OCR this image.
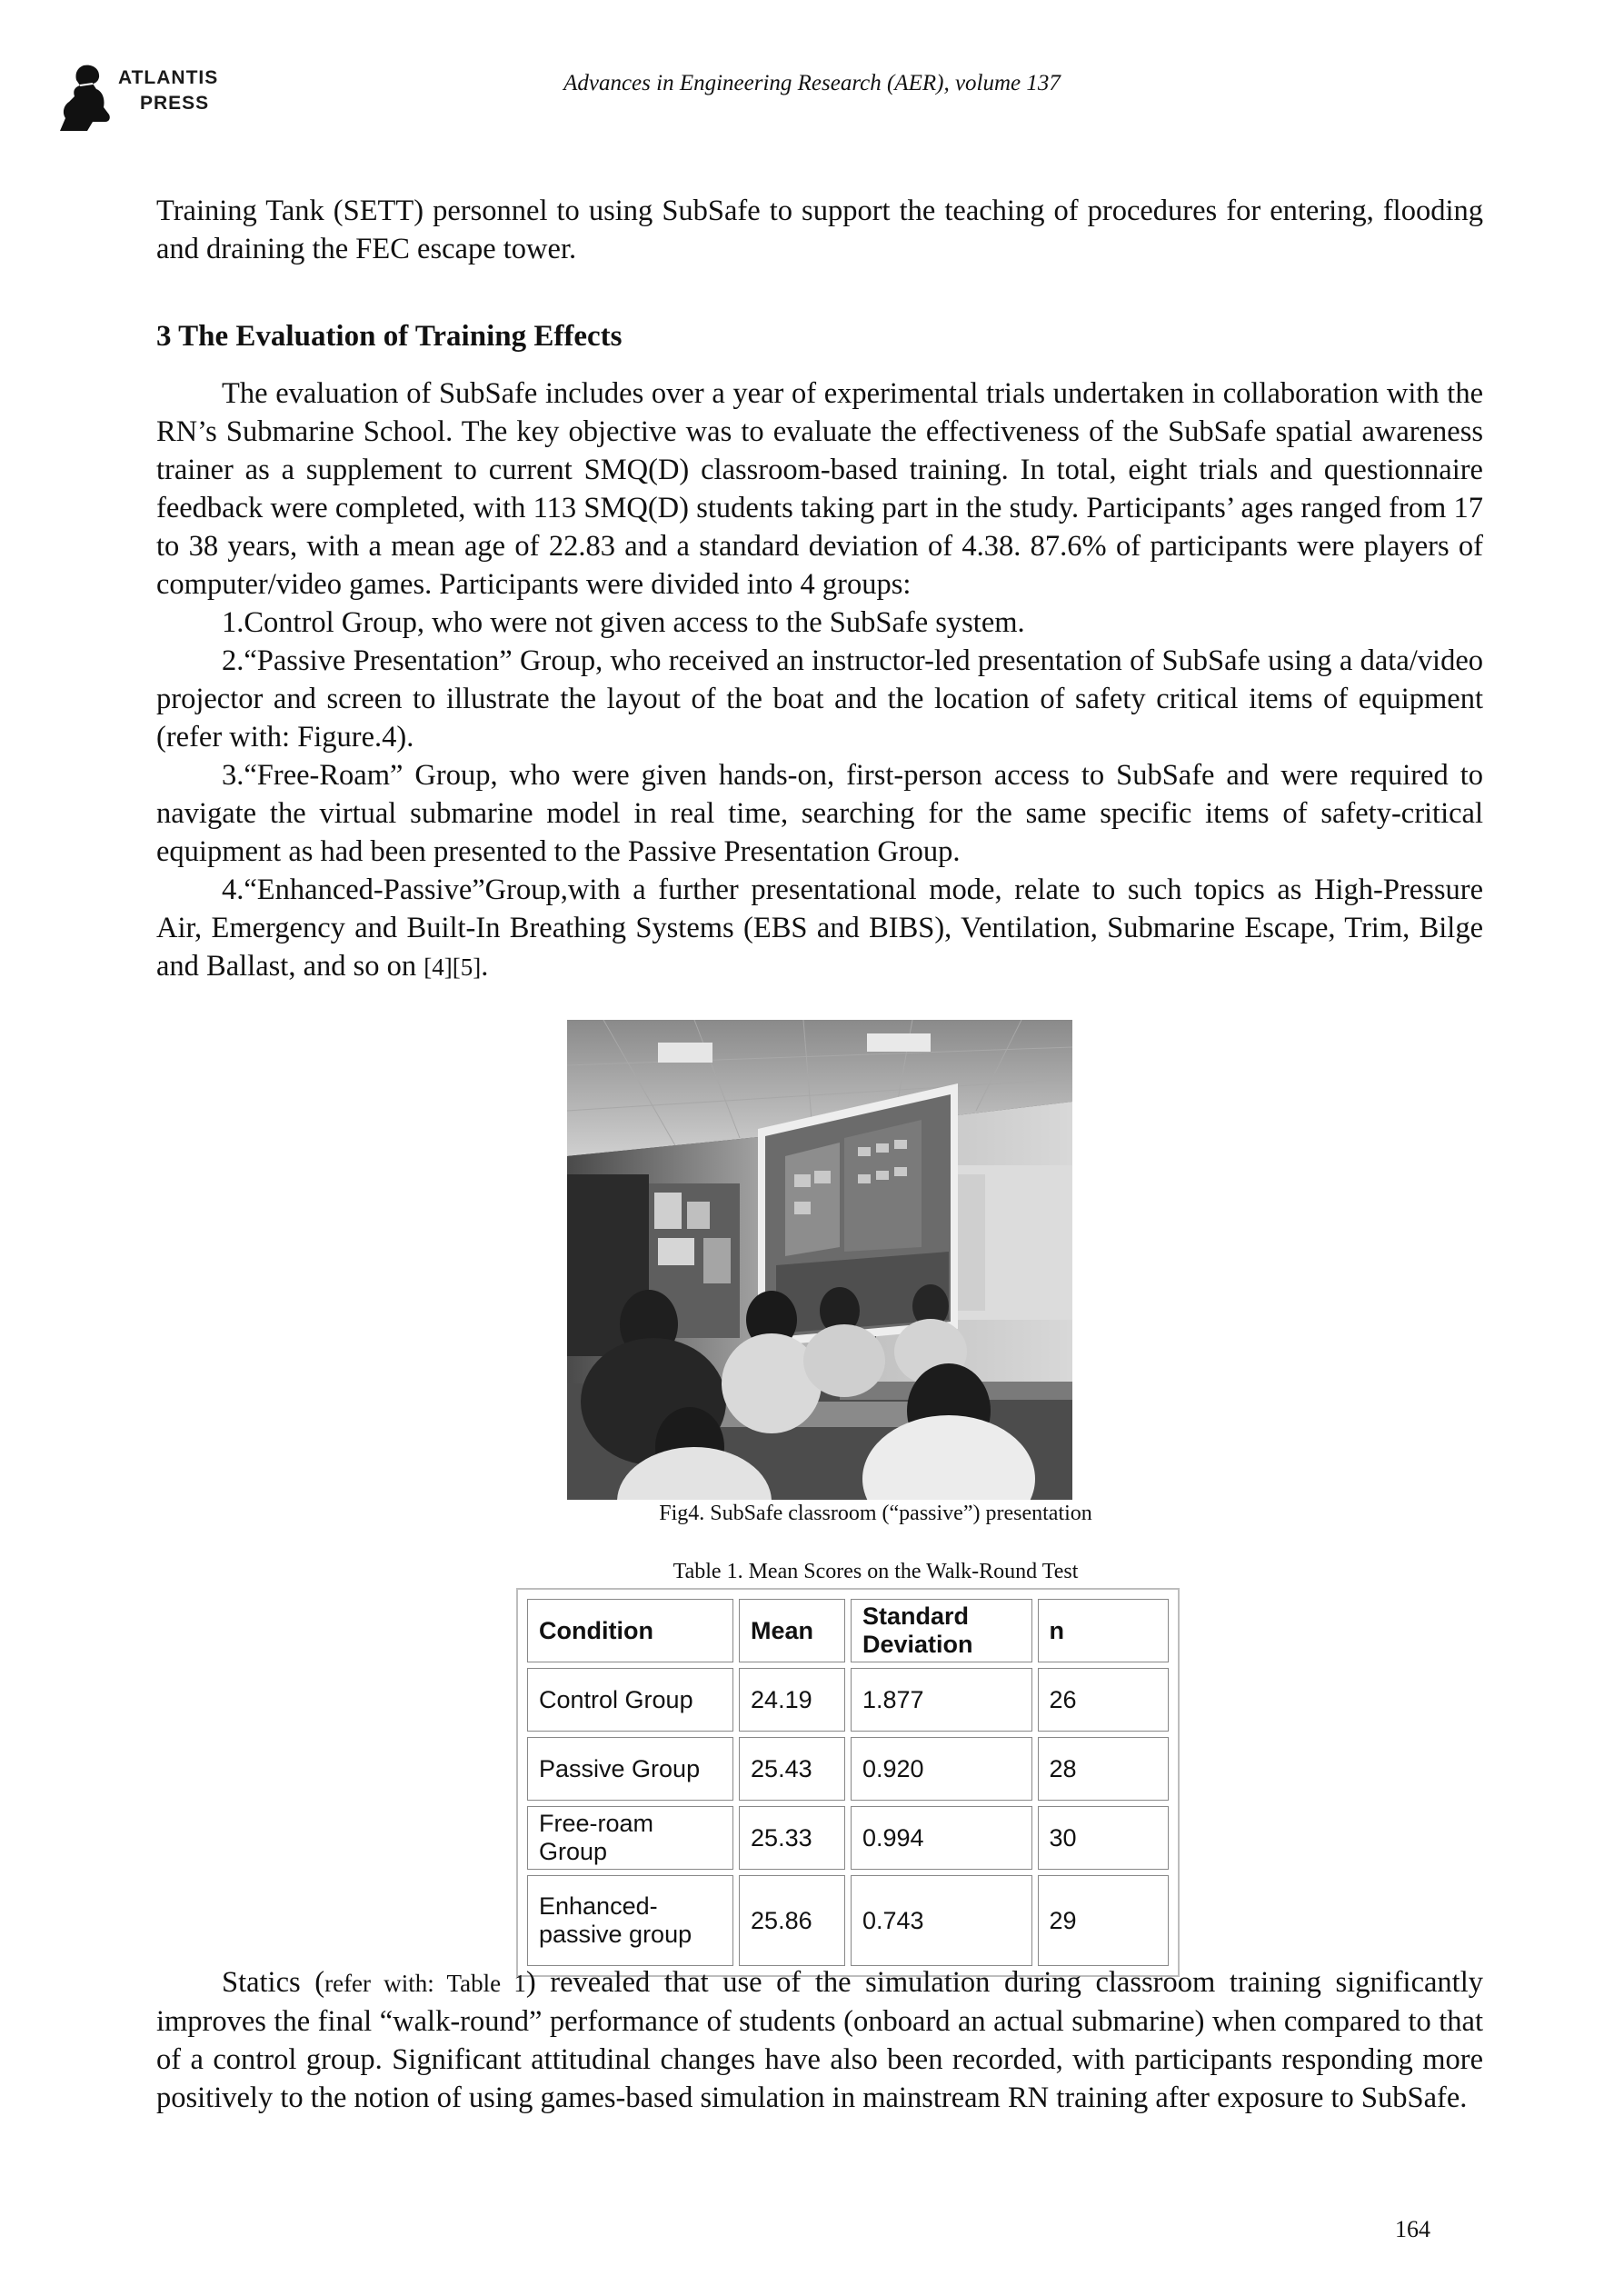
ATLANTIS
PRESS
Advances in Engineering Research (AER), volume 137

Training Tank (SETT) personnel to using SubSafe to support the teaching of procedures for entering, flooding and draining the FEC escape tower.

3 The Evaluation of Training Effects

The evaluation of SubSafe includes over a year of experimental trials undertaken in collaboration with the RN’s Submarine School. The key objective was to evaluate the effectiveness of the SubSafe spatial awareness trainer as a supplement to current SMQ(D) classroom-based training. In total, eight trials and questionnaire feedback were completed, with 113 SMQ(D) students taking part in the study. Participants’ ages ranged from 17 to 38 years, with a mean age of 22.83 and a standard deviation of 4.38. 87.6% of participants were players of computer/video games. Participants were divided into 4 groups:

1.Control Group, who were not given access to the SubSafe system.

2.“Passive Presentation” Group, who received an instructor-led presentation of SubSafe using a data/video projector and screen to illustrate the layout of the boat and the location of safety critical items of equipment (refer with: Figure.4).

3.“Free-Roam” Group, who were given hands-on, first-person access to SubSafe and were required to navigate the virtual submarine model in real time, searching for the same specific items of safety-critical equipment as had been presented to the Passive Presentation Group.

4.“Enhanced-Passive”Group,with a further presentational mode, relate to such topics as High-Pressure Air, Emergency and Built-In Breathing Systems (EBS and BIBS), Ventilation, Submarine Escape, Trim, Bilge and Ballast, and so on [4][5].

Fig4. SubSafe classroom (“passive”) presentation
Table 1. Mean Scores on the Walk-Round Test
Condition	Mean	Standard Deviation	n
Control Group	24.19	1.877	26
Passive Group	25.43	0.920	28
Free-roam Group	25.33	0.994	30
Enhanced-passive group	25.86	0.743	29

Statics (refer with: Table 1) revealed that use of the simulation during classroom training significantly improves the final “walk-round” performance of students (onboard an actual submarine) when compared to that of a control group. Significant attitudinal changes have also been recorded, with participants responding more positively to the notion of using games-based simulation in mainstream RN training after exposure to SubSafe.

164
